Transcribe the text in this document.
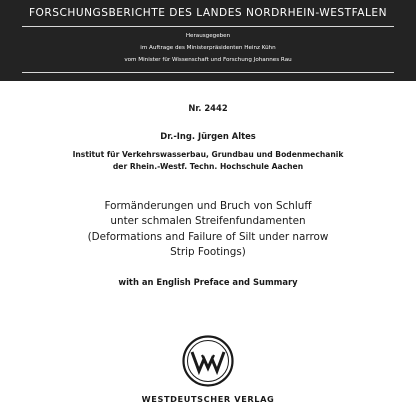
FORSCHUNGSBERICHTE DES LANDES NORDRHEIN-WESTFALEN
Herausgegeben
im Auftrage des Ministerpräsidenten Heinz Kühn
vom Minister für Wissenschaft und Forschung Johannes Rau
Nr. 2442
Dr.-Ing. Jürgen Altes
Institut für Verkehrswasserbau, Grundbau und Bodenmechanik
der Rhein.-Westf. Techn. Hochschule Aachen
Formänderungen und Bruch von Schluff
unter schmalen Streifenfundamenten
(Deformations and Failure of Silt under narrow
Strip Footings)
with an English Preface and Summary
WESTDEUTSCHER VERLAG
